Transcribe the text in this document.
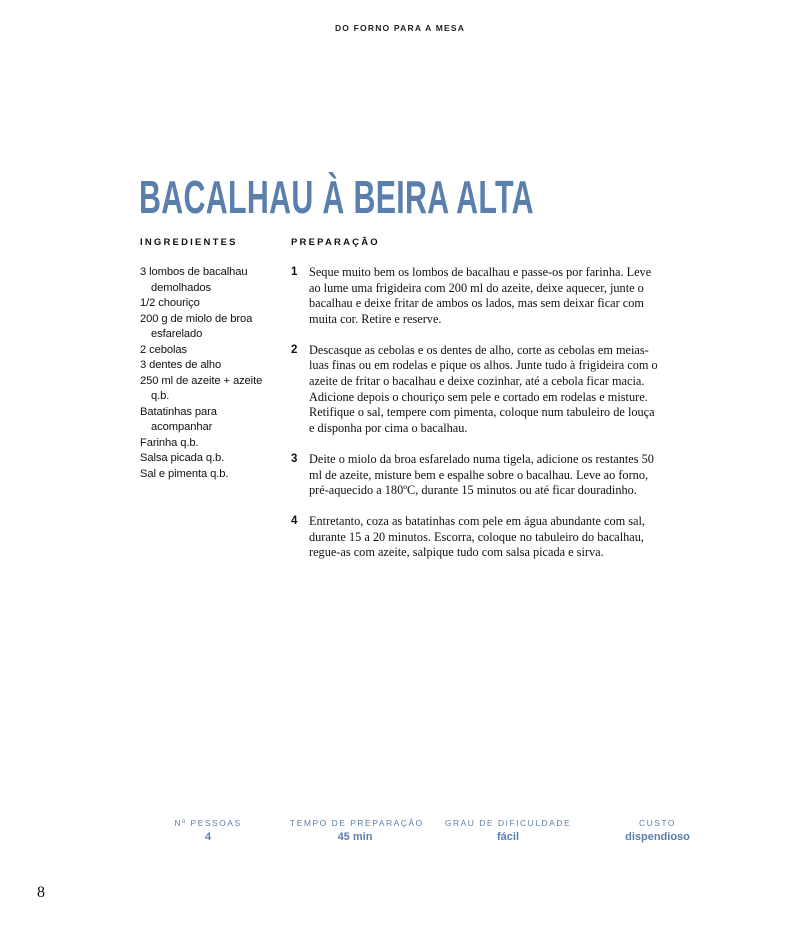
DO FORNO PARA A MESA
BACALHAU À BEIRA ALTA
INGREDIENTES	PREPARAÇÃO
3 lombos de bacalhau demolhados
1/2 chouriço
200 g de miolo de broa esfarelado
2 cebolas
3 dentes de alho
250 ml de azeite + azeite q.b.
Batatinhas para acompanhar
Farinha q.b.
Salsa picada q.b.
Sal e pimenta q.b.
1 Seque muito bem os lombos de bacalhau e passe-os por farinha. Leve ao lume uma frigideira com 200 ml do azeite, deixe aquecer, junte o bacalhau e deixe fritar de ambos os lados, mas sem deixar ficar com muita cor. Retire e reserve.
2 Descasque as cebolas e os dentes de alho, corte as cebolas em meias-luas finas ou em rodelas e pique os alhos. Junte tudo à frigideira com o azeite de fritar o bacalhau e deixe cozinhar, até a cebola ficar macia. Adicione depois o chouriço sem pele e cortado em rodelas e misture. Retifique o sal, tempere com pimenta, coloque num tabuleiro de louça e disponha por cima o bacalhau.
3 Deite o miolo da broa esfarelado numa tigela, adicione os restantes 50 ml de azeite, misture bem e espalhe sobre o bacalhau. Leve ao forno, pré-aquecido a 180ºC, durante 15 minutos ou até ficar douradinho.
4 Entretanto, coza as batatinhas com pele em água abundante com sal, durante 15 a 20 minutos. Escorra, coloque no tabuleiro do bacalhau, regue-as com azeite, salpique tudo com salsa picada e sirva.
Nº PESSOAS
4
TEMPO DE PREPARAÇÃO
45 min
GRAU DE DIFICULDADE
fácil
CUSTO
dispendioso
8
